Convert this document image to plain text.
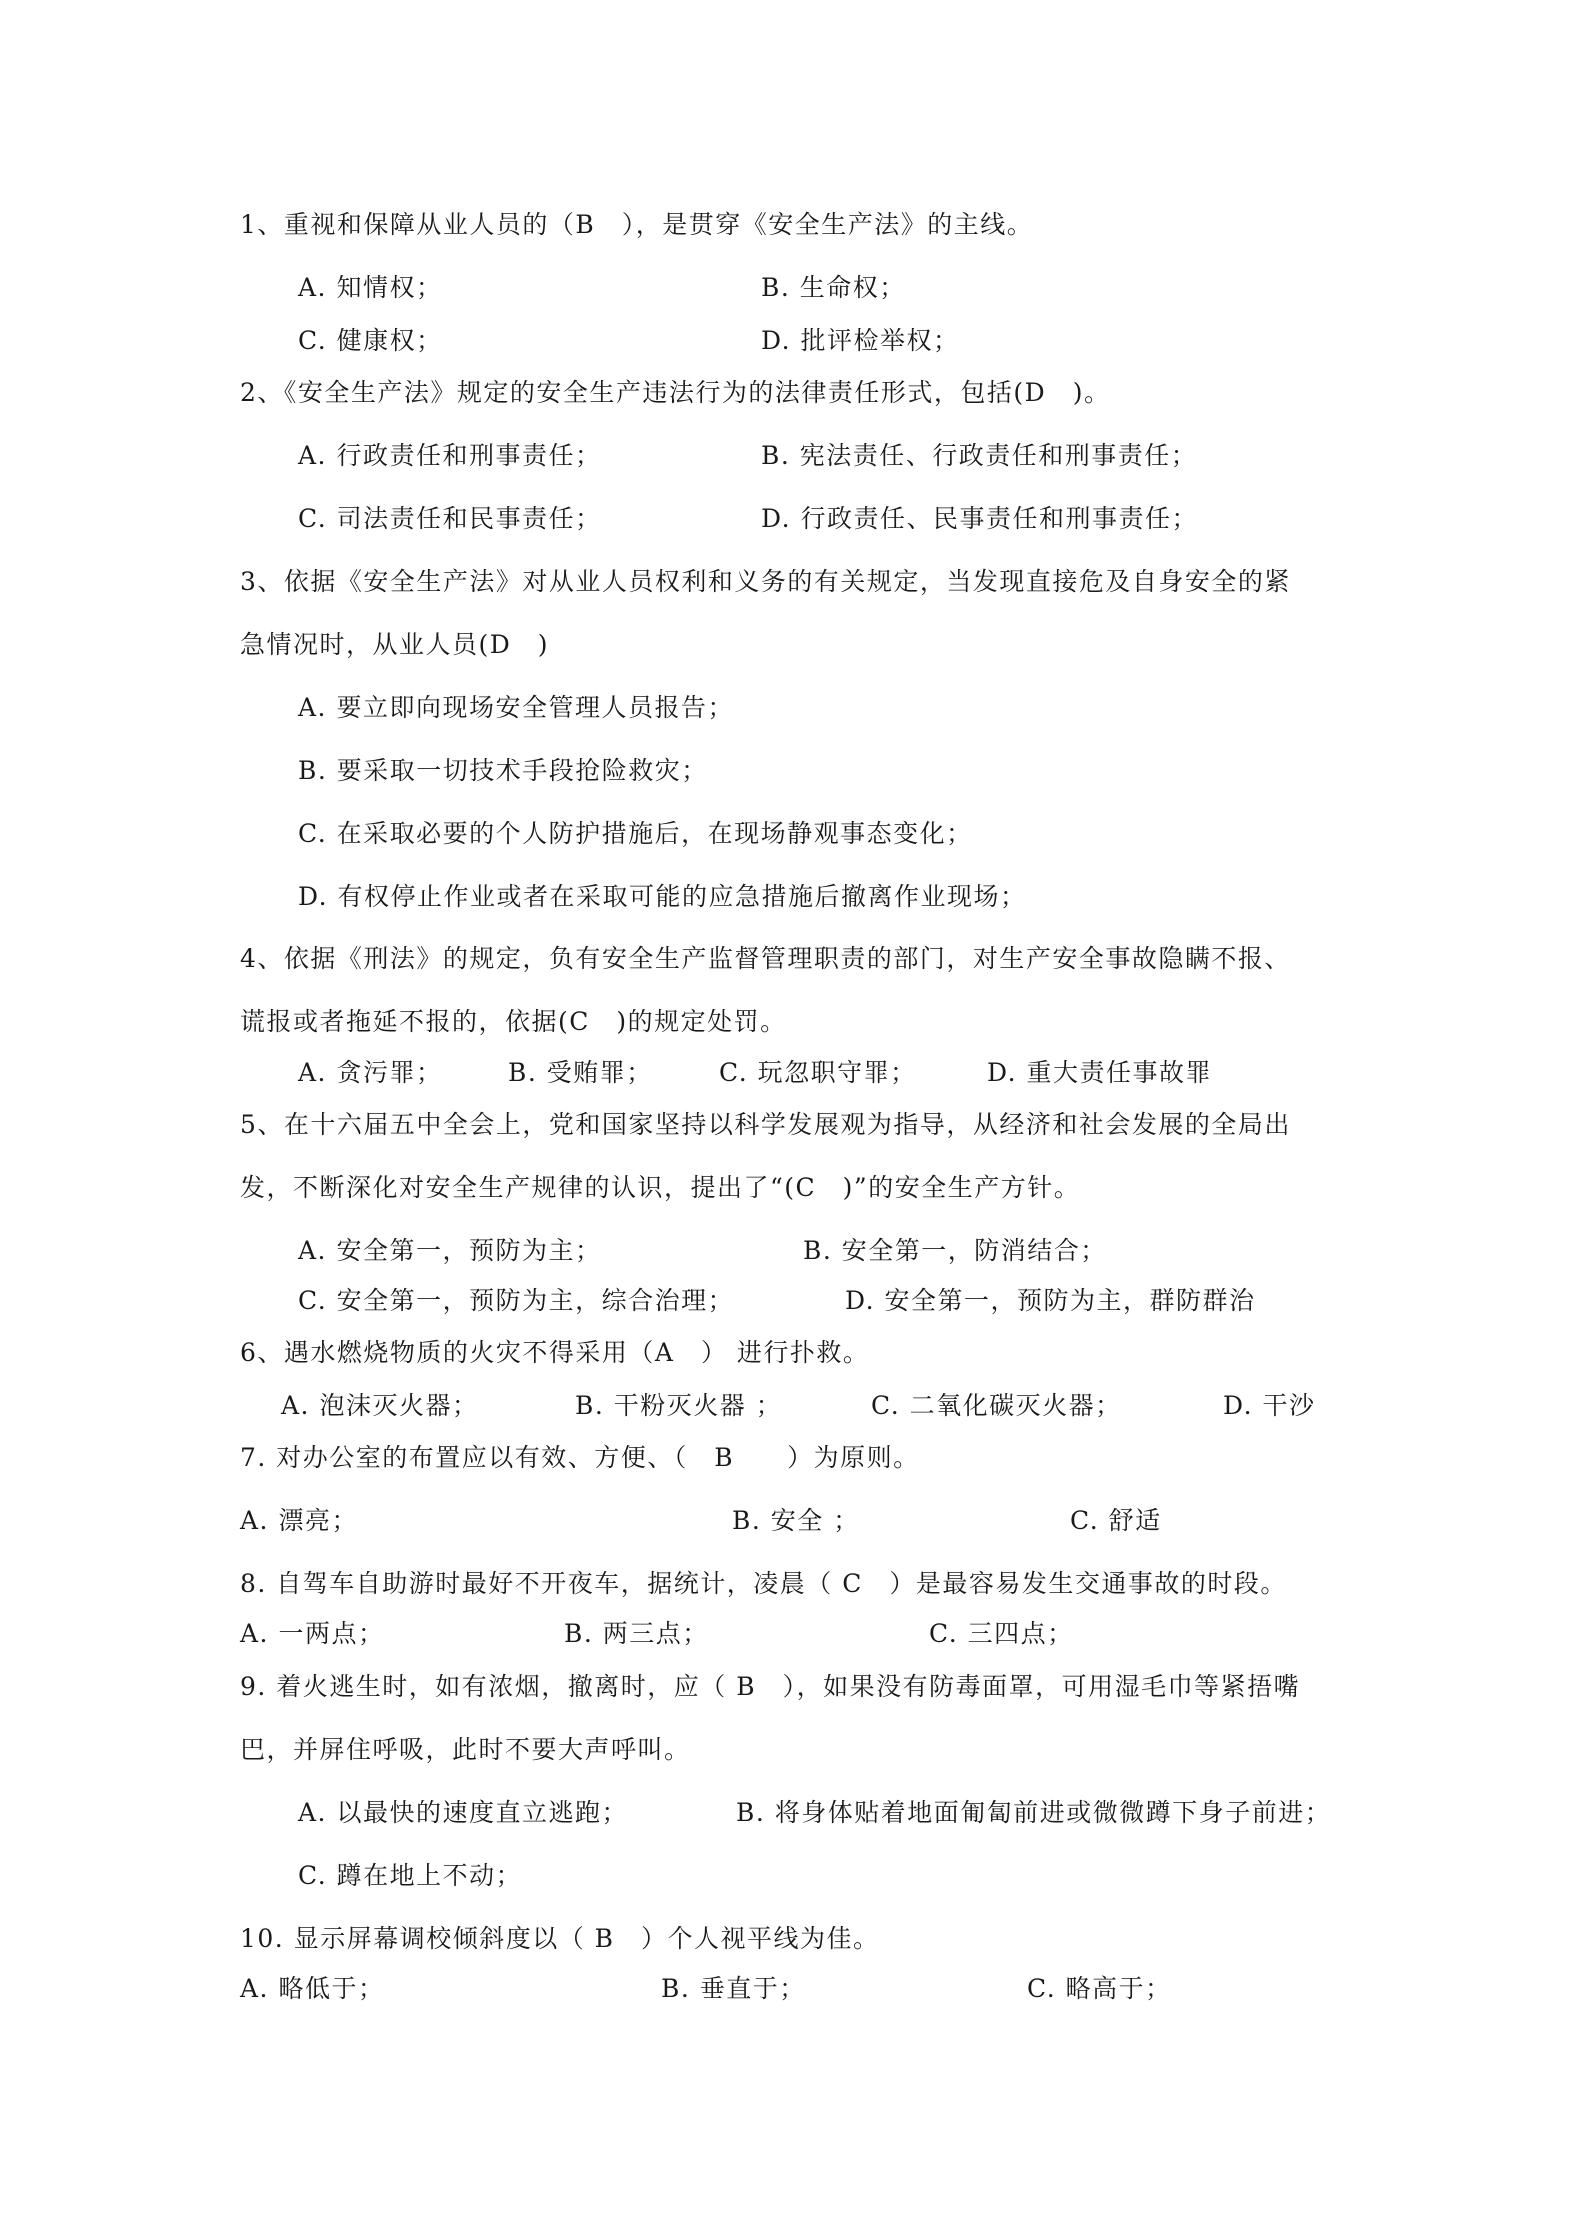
1、重视和保障从业人员的（B　），是贯穿《安全生产法》的主线。
A. 知情权；	B. 生命权；
C. 健康权；	D. 批评检举权；
2、《安全生产法》规定的安全生产违法行为的法律责任形式，包括(D　)。
A. 行政责任和刑事责任；	B. 宪法责任、行政责任和刑事责任；
C. 司法责任和民事责任；	D. 行政责任、民事责任和刑事责任；
3、依据《安全生产法》对从业人员权利和义务的有关规定，当发现直接危及自身安全的紧
急情况时，从业人员(D　)
A. 要立即向现场安全管理人员报告；
B. 要采取一切技术手段抢险救灾；
C. 在采取必要的个人防护措施后，在现场静观事态变化；
D. 有权停止作业或者在采取可能的应急措施后撤离作业现场；
4、依据《刑法》的规定，负有安全生产监督管理职责的部门，对生产安全事故隐瞒不报、
谎报或者拖延不报的，依据(C　)的规定处罚。
A. 贪污罪；	B. 受贿罪；	C. 玩忽职守罪；	D. 重大责任事故罪
5、在十六届五中全会上，党和国家坚持以科学发展观为指导，从经济和社会发展的全局出
发，不断深化对安全生产规律的认识，提出了“(C　)”的安全生产方针。
A. 安全第一，预防为主；	B. 安全第一，防消结合；
C. 安全第一，预防为主，综合治理；	D. 安全第一，预防为主，群防群治
6、遇水燃烧物质的火灾不得采用（A　） 进行扑救。
A. 泡沫灭火器；	B. 干粉灭火器 ；	C. 二氧化碳灭火器；	D. 干沙
7. 对办公室的布置应以有效、方便、（　B　　）为原则。
A. 漂亮；	B. 安全 ；	C. 舒适
8. 自驾车自助游时最好不开夜车，据统计，凌晨（ C　）是最容易发生交通事故的时段。
A. 一两点；	B. 两三点；	C. 三四点；
9. 着火逃生时，如有浓烟，撤离时，应（ B　），如果没有防毒面罩，可用湿毛巾等紧捂嘴
巴，并屏住呼吸，此时不要大声呼叫。
A. 以最快的速度直立逃跑；	B. 将身体贴着地面匍匐前进或微微蹲下身子前进；
C. 蹲在地上不动；
10. 显示屏幕调校倾斜度以（ B　）个人视平线为佳。
A. 略低于；	B. 垂直于；	C. 略高于；
